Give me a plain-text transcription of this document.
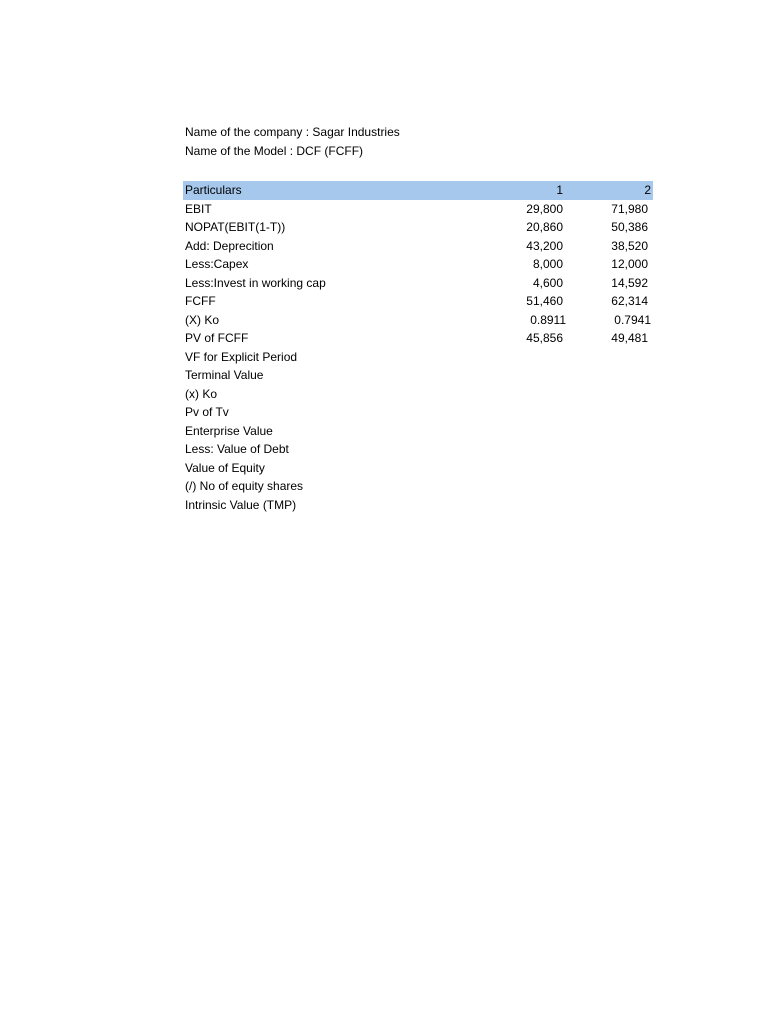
Name of the company : Sagar Industries
Name of the Model : DCF (FCFF)
Particulars	1	2
EBIT	29,800	71,980
NOPAT(EBIT(1-T))	20,860	50,386
Add: Deprecition	43,200	38,520
Less:Capex	8,000	12,000
Less:Invest in working cap	4,600	14,592
FCFF	51,460	62,314
(X) Ko	0.8911	0.7941
PV of FCFF	45,856	49,481
VF for Explicit Period
Terminal Value
(x) Ko
Pv of Tv
Enterprise Value
Less: Value of Debt
Value of Equity
(/) No of equity shares
Intrinsic Value (TMP)
